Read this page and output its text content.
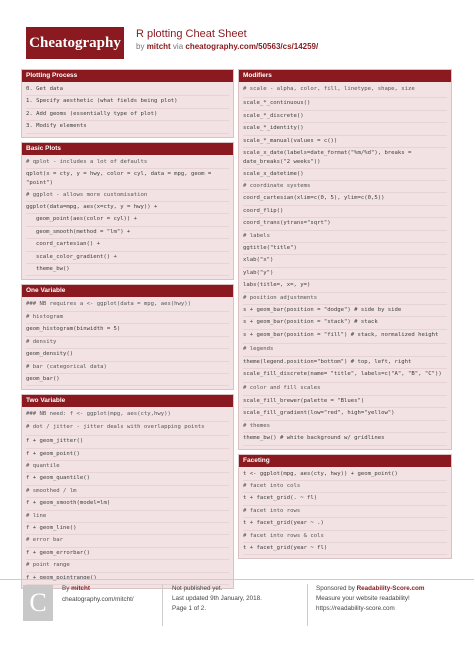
Cheatography
R plotting Cheat Sheet
by mitcht via cheatography.com/50563/cs/14259/
Plotting Process
0. Get data
1. Specify aesthetic (what fields being plot)
2. Add geoms (essentially type of plot)
3. Modify elements
Basic Plots
# qplot - includes a lot of defaults
qplot(x = cty, y = hwy, color = cyl, data = mpg, geom = "point")
# ggplot - allows more customisation
ggplot(data=mpg, aes(x=cty, y = hwy)) +
geom_point(aes(color = cyl)) +
geom_smooth(method = "lm") +
coord_cartesian() +
scale_color_gradient() +
theme_bw()
One Variable
### NB requires a <- ggplot(data = mpg, aes(hwy))
# histogram
geom_histogram(binwidth = 5)
# density
geom_density()
# bar (categorical data)
geom_bar()
Two Variable
### NB need: f <- ggplot(mpg, aes(cty,hwy))
# dot / jitter - jitter deals with overlapping points
f + geom_jitter()
f + geom_point()
# quantile
f + geom_quantile()
# smoothed / lm
f + geom_smooth(model=lm)
# line
f + geom_line()
# error bar
f + geom_errorbar()
# point range
f + geom_pointrange()
Modifiers
# scale - alpha, color, fill, linetype, shape, size
scale_*_continuous()
scale_*_discrete()
scale_*_identity()
scale_*_manual(values = c())
scale_x_date(labels=date_format("%m/%d"), breaks = date_breaks("2 weeks"))
scale_x_datetime()
# coordinate systems
coord_cartesian(xlim=c(0, 5), ylim=c(0,5))
coord_flip()
coord_trans(ytrans="sqrt")
# labels
ggtitle("title")
xlab("x")
ylab("y")
labs(title=, x=, y=)
# position adjustments
s + geom_bar(position = "dodge") # side by side
s + geom_bar(position = "stack") # stack
s + geom_bar(position = "fill") # stack, normalized height
# legends
theme(legend.position="bottom") # top, left, right
scale_fill_discrete(name= "title", labels=c("A", "B", "C"))
# color and fill scales
scale_fill_brewer(palette = "Blues")
scale_fill_gradient(low="red", high="yellow")
# themes
theme_bw() # white background w/ gridlines
Faceting
t <- ggplot(mpg, aes(cty, hwy)) + geom_point()
# facet into cols
t + facet_grid(. ~ fl)
# facet into rows
t + facet_grid(year ~ .)
# facet into rows & cols
t + facet_grid(year ~ fl)
C	By mitcht
cheatography.com/mitcht/
Not published yet.
Last updated 9th January, 2018.
Page 1 of 2.
Sponsored by Readability-Score.com
Measure your website readability!
https://readability-score.com
